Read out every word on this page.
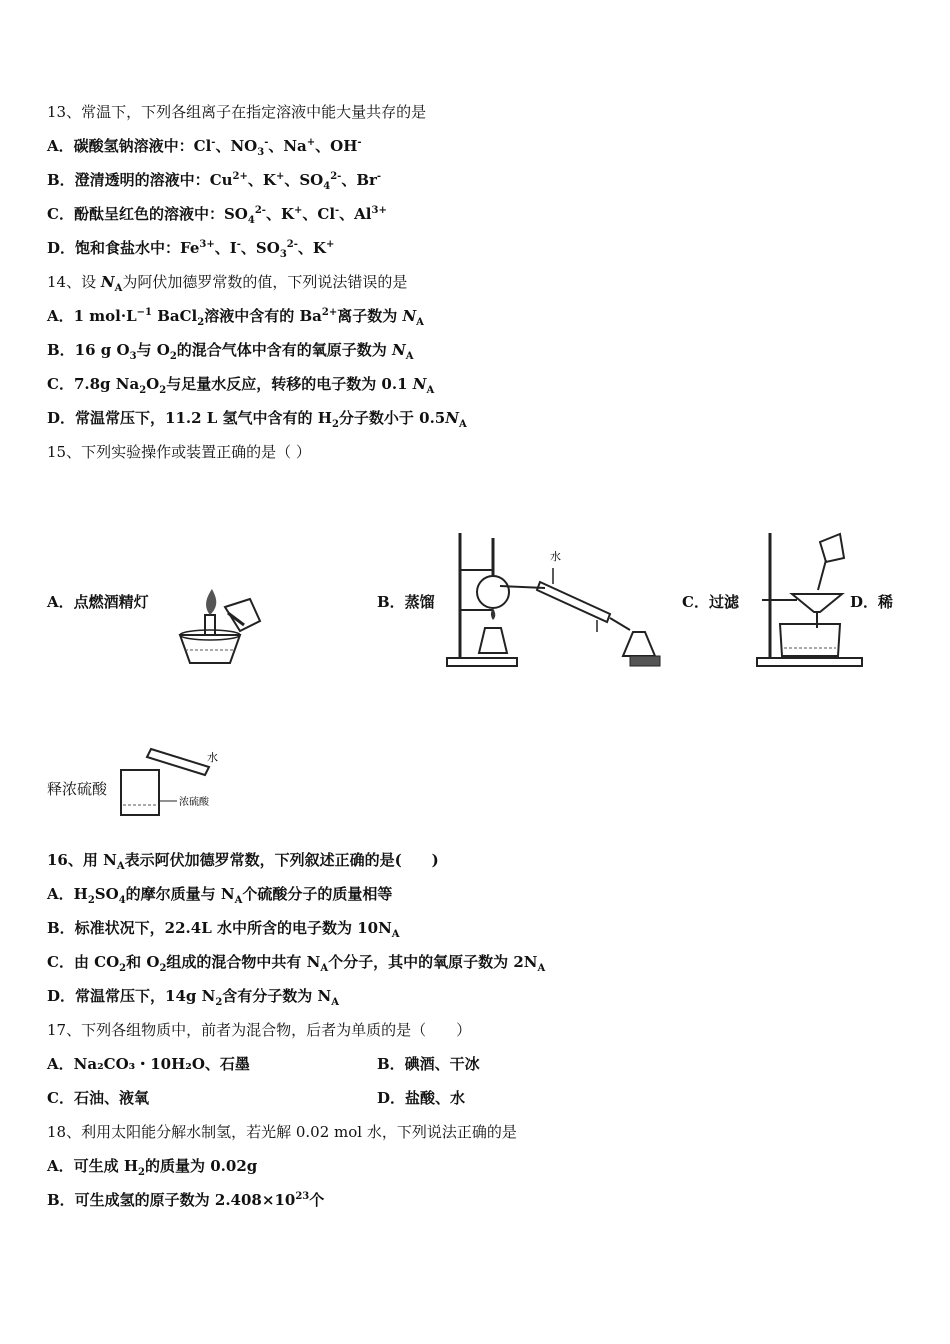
13、常温下，下列各组离子在指定溶液中能大量共存的是
A．碳酸氢钠溶液中：Cl-、$NO_3^-$、Na+、OH-
B．澄清透明的溶液中：$Cu^{2+}$、K+、$SO_4^{2-}$、Br-
C．酚酞呈红色的溶液中：$SO_4^{2-}$、K+、Cl-、$Al^{3+}$
D．饱和食盐水中：$Fe^{3+}$、I-、$SO_3^{2-}$、K+
14、设 $N_A$为阿伏加德罗常数的值，下列说法错误的是
A．1 $mol\cdot L^{-1}$ BaCl$_2$溶液中含有的 $Ba^{2+}$离子数为 $N_A$
B．16 g $O_3$与 $O_2$的混合气体中含有的氧原子数为 $N_A$
C．7.8g $Na_2O_2$与足量水反应，转移的电子数为 0.1 $N_A$
D．常温常压下，11.2 L 氢气中含有的 $H_2$分子数小于 $0.5N_A$
15、下列实验操作或装置正确的是（ ）
A．点燃酒精灯	B．蒸馏
水
C．过滤	D．稀
释浓硫酸
水
浓硫酸
16、用 $N_A$表示阿伏加德罗常数，下列叙述正确的是(　　)
A．$H_2SO_4$的摩尔质量与 $N_A$个硫酸分子的质量相等
B．标准状况下，22.4L 水中所含的电子数为 $10N_A$
C．由 $CO_2$和 $O_2$组成的混合物中共有 $N_A$个分子，其中的氧原子数为 $2N_A$
D．常温常压下，14g $N_2$含有分子数为 $N_A$
17、下列各组物质中，前者为混合物，后者为单质的是（　　）
A．Na₂CO₃・10H₂O、石墨	B．碘酒、干冰
C．石油、液氧	D．盐酸、水
18、利用太阳能分解水制氢，若光解 0.02 mol 水，下列说法正确的是
A．可生成 $H_2$的质量为 0.02g
B．可生成氢的原子数为 $2.408\times 10^{23}$个
